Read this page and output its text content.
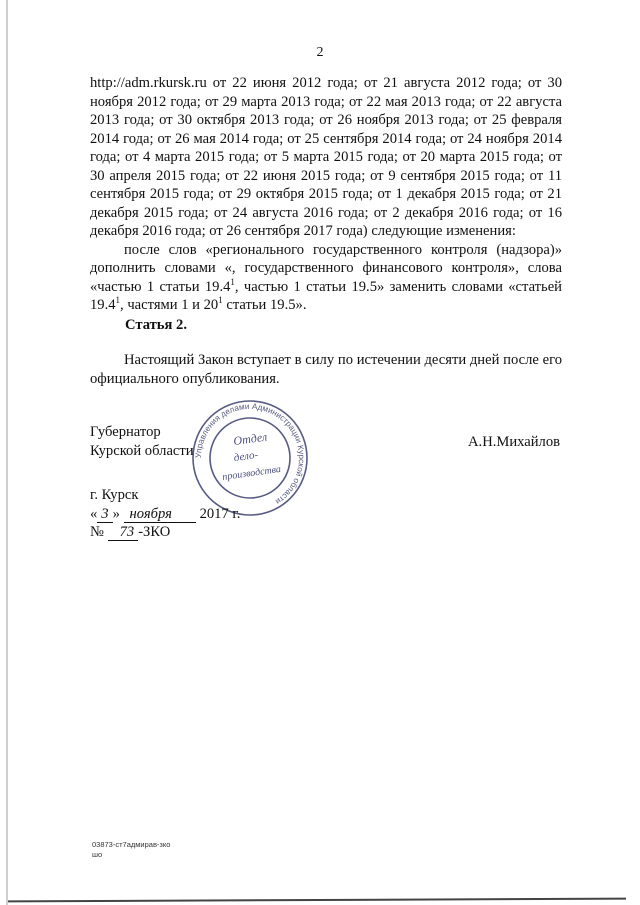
2

http://adm.rkursk.ru от 22 июня 2012 года; от 21 августа 2012 года; от 30 ноября 2012 года; от 29 марта 2013 года; от 22 мая 2013 года; от 22 августа 2013 года; от 30 октября 2013 года; от 26 ноября 2013 года; от 25 февраля 2014 года; от 26 мая 2014 года; от 25 сентября 2014 года; от 24 ноября 2014 года; от 4 марта 2015 года; от 5 марта 2015 года; от 20 марта 2015 года; от 30 апреля 2015 года; от 22 июня 2015 года; от 9 сентября 2015 года; от 11 сентября 2015 года; от 29 октября 2015 года; от 1 декабря 2015 года; от 21 декабря 2015 года; от 24 августа 2016 года; от 2 декабря 2016 года; от 16 декабря 2016 года; от 26 сентября 2017 года) следующие изменения:

после слов «регионального государственного контроля (надзора)» дополнить словами «, государственного финансового контроля», слова «частью 1 статьи 19.4$^1$, частью 1 статьи 19.5» заменить словами «статьей 19.4$^1$, частями 1 и $20^1$ статьи 19.5».

Статья 2.

Настоящий Закон вступает в силу по истечении десяти дней после его официального опубликования.

Губернатор
Курской области
А.Н.Михайлов
Управления делами Администрации Курской области
Отдел
дело-
производства
г. Курск
« 3 » ноября 2017 г.
№ 73 -ЗКО
03873-ст7адмирав-зко
шо
